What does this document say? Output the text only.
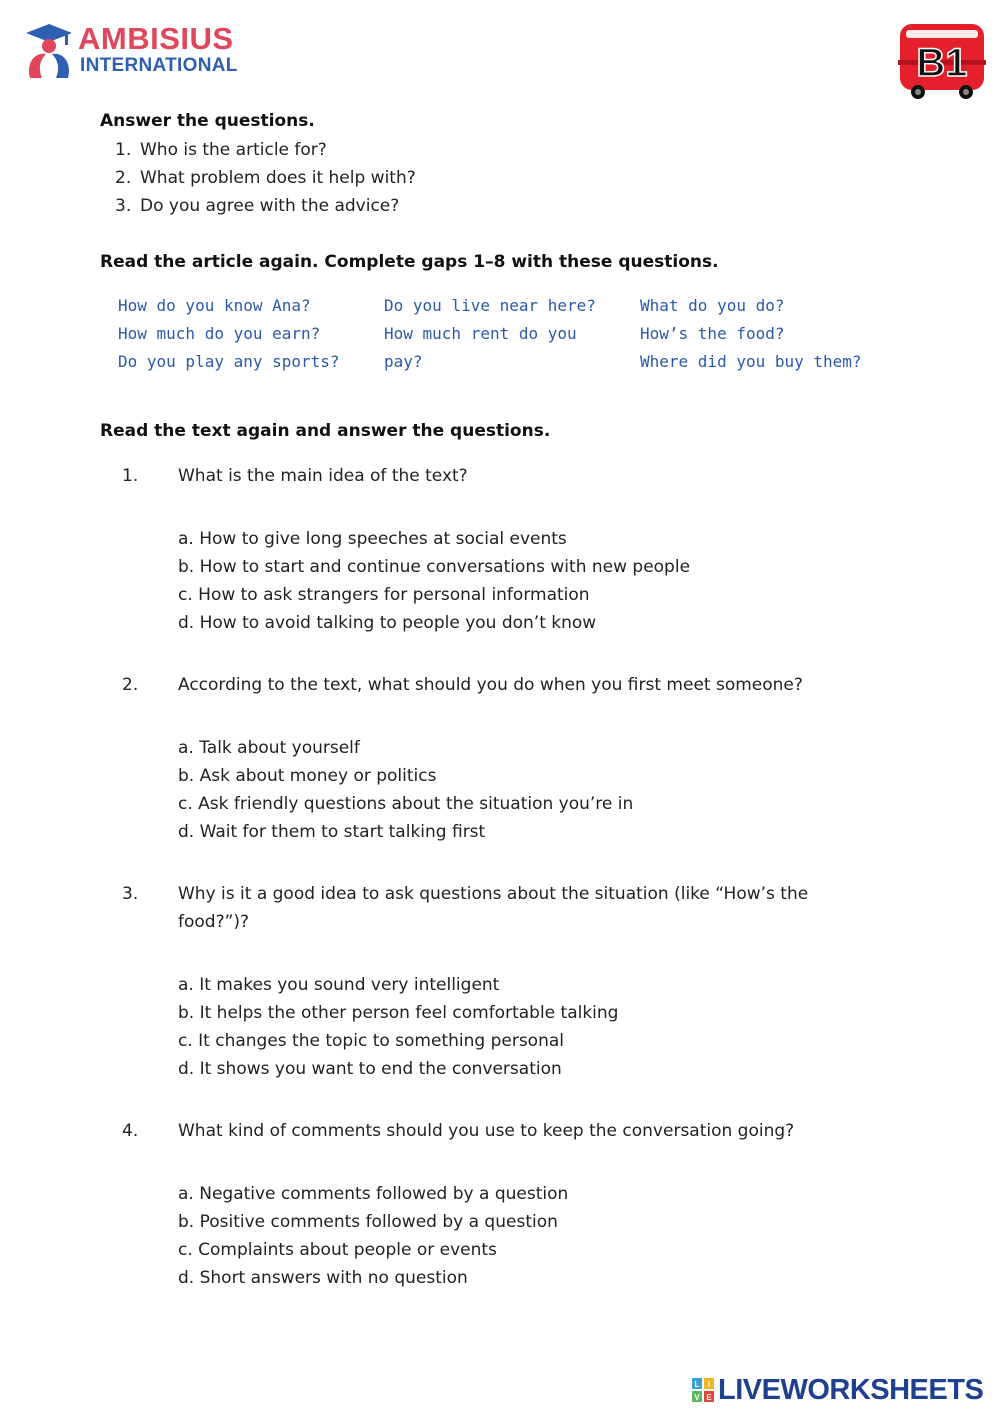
AMBISIUS
INTERNATIONAL	B1
Answer the questions.
1. Who is the article for?
2. What problem does it help with?
3. Do you agree with the advice?
Read the article again. Complete gaps 1–8 with these questions.
How do you know Ana?
How much do you earn?
Do you play any sports?
Do you live near here?
How much rent do you
pay?
What do you do?
How’s the food?
Where did you buy them?
Read the text again and answer the questions.
1. What is the main idea of the text?
a. How to give long speeches at social events
b. How to start and continue conversations with new people
c. How to ask strangers for personal information
d. How to avoid talking to people you don’t know
2. According to the text, what should you do when you first meet someone?
a. Talk about yourself
b. Ask about money or politics
c. Ask friendly questions about the situation you’re in
d. Wait for them to start talking first
3. Why is it a good idea to ask questions about the situation (like “How’s the food?”)?
a. It makes you sound very intelligent
b. It helps the other person feel comfortable talking
c. It changes the topic to something personal
d. It shows you want to end the conversation
4. What kind of comments should you use to keep the conversation going?
a. Negative comments followed by a question
b. Positive comments followed by a question
c. Complaints about people or events
d. Short answers with no question
L I
V E LIVEWORKSHEETS
